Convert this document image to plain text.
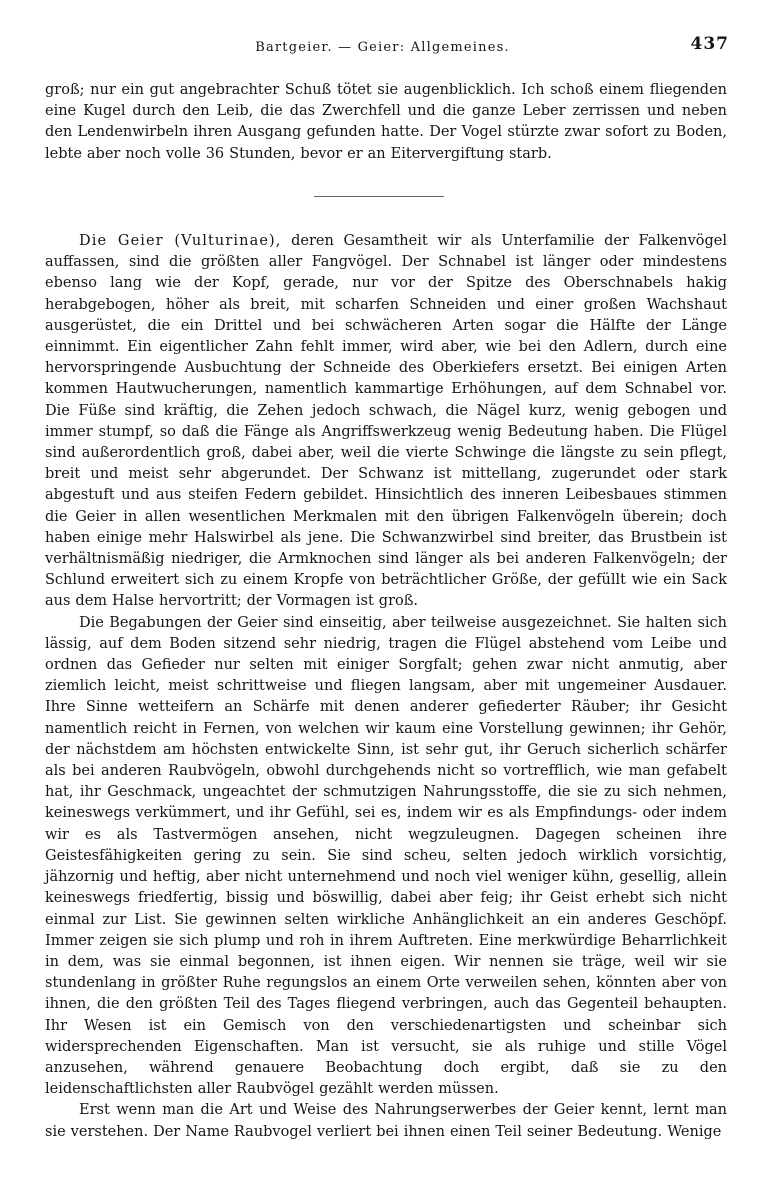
Bartgeier. — Geier: Allgemeines.	437

groß; nur ein gut angebrachter Schuß tötet sie augenblicklich. Ich schoß einem fliegenden eine Kugel durch den Leib, die das Zwerchfell und die ganze Leber zerrissen und neben den Lendenwirbeln ihren Ausgang gefunden hatte. Der Vogel stürzte zwar sofort zu Boden, lebte aber noch volle 36 Stunden, bevor er an Eitervergiftung starb.

Die Geier (Vulturinae), deren Gesamtheit wir als Unterfamilie der Falkenvögel auffassen, sind die größten aller Fangvögel. Der Schnabel ist länger oder mindestens ebenso lang wie der Kopf, gerade, nur vor der Spitze des Oberschnabels hakig herabgebogen, höher als breit, mit scharfen Schneiden und einer großen Wachshaut ausgerüstet, die ein Drittel und bei schwächeren Arten sogar die Hälfte der Länge einnimmt. Ein eigentlicher Zahn fehlt immer, wird aber, wie bei den Adlern, durch eine hervorspringende Ausbuchtung der Schneide des Oberkiefers ersetzt. Bei einigen Arten kommen Hautwucherungen, namentlich kammartige Erhöhungen, auf dem Schnabel vor. Die Füße sind kräftig, die Zehen jedoch schwach, die Nägel kurz, wenig gebogen und immer stumpf, so daß die Fänge als Angriffswerkzeug wenig Bedeutung haben. Die Flügel sind außerordentlich groß, dabei aber, weil die vierte Schwinge die längste zu sein pflegt, breit und meist sehr abgerundet. Der Schwanz ist mittellang, zugerundet oder stark abgestuft und aus steifen Federn gebildet. Hinsichtlich des inneren Leibesbaues stimmen die Geier in allen wesentlichen Merkmalen mit den übrigen Falkenvögeln überein; doch haben einige mehr Halswirbel als jene. Die Schwanzwirbel sind breiter, das Brustbein ist verhältnismäßig niedriger, die Armknochen sind länger als bei anderen Falkenvögeln; der Schlund erweitert sich zu einem Kropfe von beträchtlicher Größe, der gefüllt wie ein Sack aus dem Halse hervortritt; der Vormagen ist groß.

Die Begabungen der Geier sind einseitig, aber teilweise ausgezeichnet. Sie halten sich lässig, auf dem Boden sitzend sehr niedrig, tragen die Flügel abstehend vom Leibe und ordnen das Gefieder nur selten mit einiger Sorgfalt; gehen zwar nicht anmutig, aber ziemlich leicht, meist schrittweise und fliegen langsam, aber mit ungemeiner Ausdauer. Ihre Sinne wetteifern an Schärfe mit denen anderer gefiederter Räuber; ihr Gesicht namentlich reicht in Fernen, von welchen wir kaum eine Vorstellung gewinnen; ihr Gehör, der nächstdem am höchsten entwickelte Sinn, ist sehr gut, ihr Geruch sicherlich schärfer als bei anderen Raubvögeln, obwohl durchgehends nicht so vortrefflich, wie man gefabelt hat, ihr Geschmack, ungeachtet der schmutzigen Nahrungsstoffe, die sie zu sich nehmen, keineswegs verkümmert, und ihr Gefühl, sei es, indem wir es als Empfindungs- oder indem wir es als Tastvermögen ansehen, nicht wegzuleugnen. Dagegen scheinen ihre Geistesfähigkeiten gering zu sein. Sie sind scheu, selten jedoch wirklich vorsichtig, jähzornig und heftig, aber nicht unternehmend und noch viel weniger kühn, gesellig, allein keineswegs friedfertig, bissig und böswillig, dabei aber feig; ihr Geist erhebt sich nicht einmal zur List. Sie gewinnen selten wirkliche Anhänglichkeit an ein anderes Geschöpf. Immer zeigen sie sich plump und roh in ihrem Auftreten. Eine merkwürdige Beharrlichkeit in dem, was sie einmal begonnen, ist ihnen eigen. Wir nennen sie träge, weil wir sie stundenlang in größter Ruhe regungslos an einem Orte verweilen sehen, könnten aber von ihnen, die den größten Teil des Tages fliegend verbringen, auch das Gegenteil behaupten. Ihr Wesen ist ein Gemisch von den verschiedenartigsten und scheinbar sich widersprechenden Eigenschaften. Man ist versucht, sie als ruhige und stille Vögel anzusehen, während genauere Beobachtung doch ergibt, daß sie zu den leidenschaftlichsten aller Raubvögel gezählt werden müssen.

Erst wenn man die Art und Weise des Nahrungserwerbes der Geier kennt, lernt man sie verstehen. Der Name Raubvogel verliert bei ihnen einen Teil seiner Bedeutung. Wenige
